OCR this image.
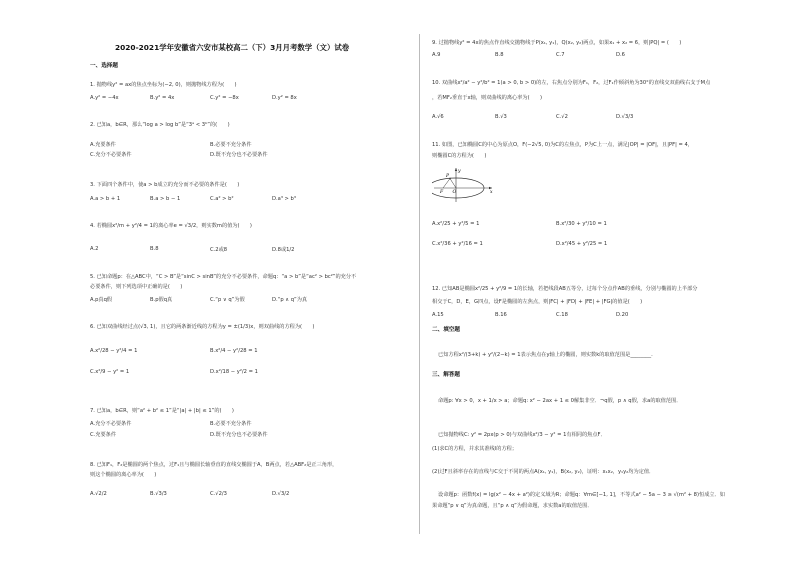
2020-2021学年安徽省六安市某校高二（下）3月月考数学（文）试卷
一、选择题
1. 抛物线y² = ax的焦点坐标为(−2, 0)，则抛物线方程为(　　)
A.y² = −4x	B.y² = 4x	C.y² = −8x	D.y² = 8x
2. 已知a，b∈R，那么“log a > log b”是“3ᵃ < 3ᵇ”的(　　)
A.充要条件	B.必要不充分条件
C.充分不必要条件	D.既不充分也不必要条件
3. 下面四个条件中，使a > b成立的充分而不必要的条件是(　　)
A.a > b + 1	B.a > b − 1	C.a² > b²	D.a³ > b³
4. 若椭圆x²/m + y²/4 = 1的离心率e = √3/2，则实数m的值为(　　)
A.2	B.8	C.2或8	D.8或1/2
5. 已知命题p：在△ABC中，“C > B”是“sinC > sinB”的充分不必要条件，命题q：“a > b”是“ac² > bc²”的充分不
必要条件，则下列选项中正确的是(　　)
A.p真q假	B.p假q真	C.“p ∨ q”为假	D.“p ∧ q”为真
6. 已知双曲线经过点(√3, 1)，且它的两条渐近线的方程为y = ±(1/3)x，则双曲线的方程为(　　)
A.x²/28 − y²/4 = 1	B.x²/4 − y²/28 = 1
C.x²/9 − y² = 1	D.x²/18 − y²/2 = 1
7. 已知a，b∈R，则“a² + b² ≤ 1”是“|a| + |b| ≤ 1”的(　　)
A.充分不必要条件	B.必要不充分条件
C.充要条件	D.既不充分也不必要条件
8. 已知F₁，F₂是椭圆的两个焦点，过F₁且与椭圆长轴垂直的直线交椭圆于A，B两点，若△ABF₂是正三角形，
则这个椭圆的离心率为(　　)
A.√2/2	B.√3/3	C.√2/3	D.√3/2
9. 过抛物线y² = 4x的焦点作直线交抛物线于P(x₁, y₁)，Q(x₂, y₂)两点，如果x₁ + x₂ = 6，则|PQ| = (　　)
A.9	B.8	C.7	D.6
10. 双曲线x²/a² − y²/b² = 1(a > 0, b > 0)的左，右焦点分别为F₁，F₂，过F₁作倾斜角为30°的直线交双曲线右支于M点
，若MF₂垂直于x轴，则双曲线的离心率为(　　)
A.√6	B.√3	C.√2	D.√3/3
11. 如图，已知椭圆C的中心为原点O，F(−2√5, 0)为C的左焦点，P为C上一点，满足|OP| = |OF|，且|PF| = 4，
则椭圆C的方程为(　　)
y
P
F O	x
A.x²/25 + y²/5 = 1	B.x²/30 + y²/10 = 1
C.x²/36 + y²/16 = 1	D.x²/45 + y²/25 = 1
12. 已知AB是椭圆x²/25 + y²/9 = 1的长轴，若把线段AB五等分，过每个分点作AB的垂线，分别与椭圆的上半部分
相交于C，D，E，G四点，设F是椭圆的左焦点，则|FC| + |FD| + |FE| + |FG|的值是(　　)
A.15	B.16	C.18	D.20
二、填空题
已知方程x²/(3+k) + y²/(2−k) = 1表示焦点在y轴上的椭圆，则实数k的取值范围是________.
三、解答题
命题p: ∀x > 0，x + 1/x > a；命题q: x² − 2ax + 1 ≤ 0解集非空．¬q假，p ∧ q假，求a的取值范围．
已知抛物线C: y² = 2px(p > 0)与双曲线x²/3 − y² = 1有相同的焦点F．
(1)求C的方程，并求其准线l的方程；
(2)过F且斜率存在的直线与C交于不同的两点A(x₁, y₁)，B(x₂, y₂)，证明：x₁x₂，y₁y₂均为定值．
设命题p：函数f(x) = lg(x² − 4x + a²)的定义域为R；命题q：∀m∈[−1, 1]，不等式a² − 5a − 3 ≥ √(m² + 8)恒成立．如
果命题“p ∨ q”为真命题，且“p ∧ q”为假命题，求实数a的取值范围．
